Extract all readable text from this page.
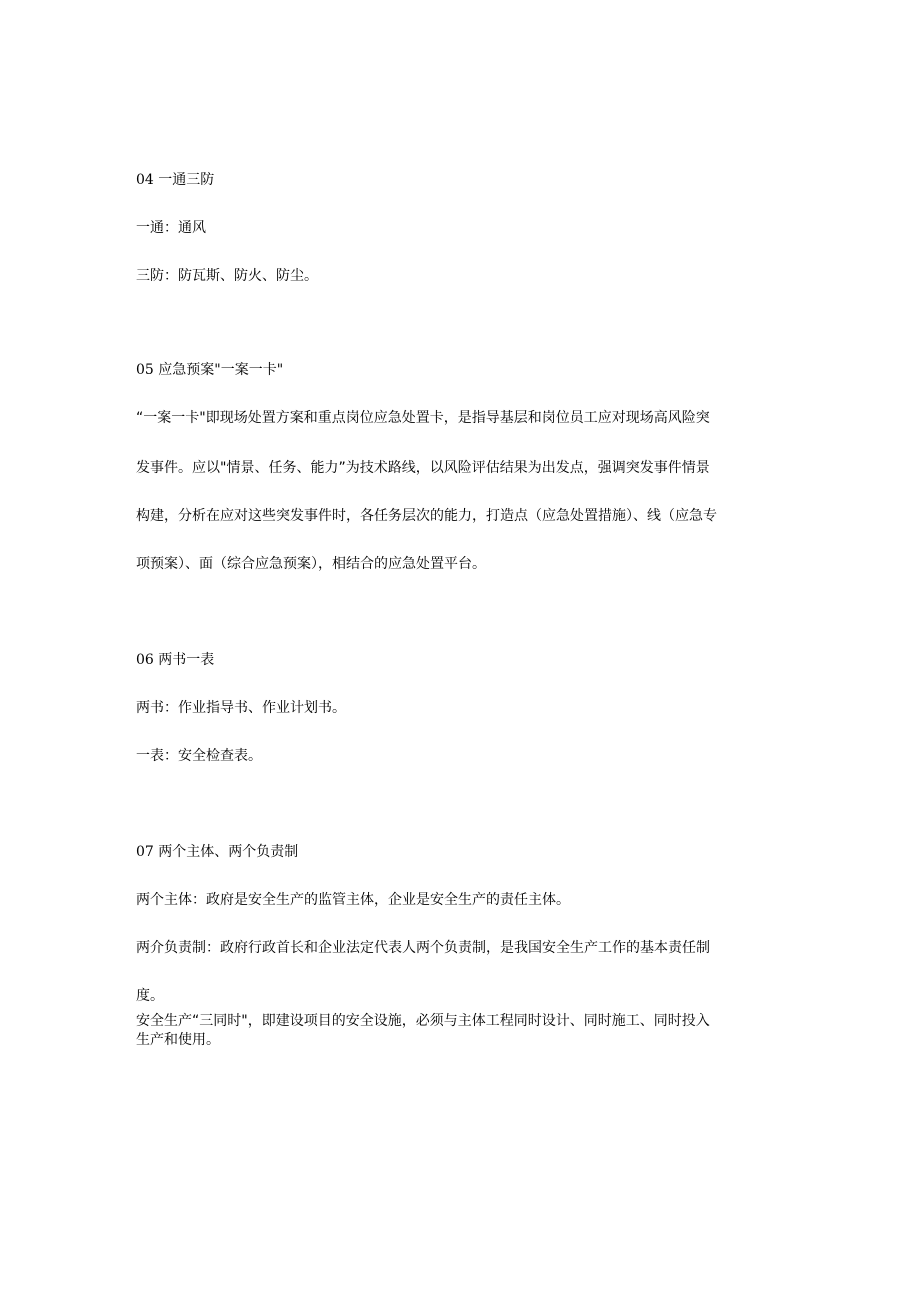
04 一通三防
一通：通风
三防：防瓦斯、防火、防尘。
05 应急预案"一案一卡"
“一案一卡"即现场处置方案和重点岗位应急处置卡，是指导基层和岗位员工应对现场高风险突
发事件。应以"情景、任务、能力”为技术路线，以风险评估结果为出发点，强调突发事件情景
构建，分析在应对这些突发事件时，各任务层次的能力，打造点（应急处置措施）、线（应急专
项预案）、面（综合应急预案），相结合的应急处置平台。
06 两书一表
两书：作业指导书、作业计划书。
一表：安全检查表。
07 两个主体、两个负责制
两个主体：政府是安全生产的监管主体，企业是安全生产的责任主体。
两介负责制：政府行政首长和企业法定代表人两个负责制，是我国安全生产工作的基本责任制
度。
安全生产“三同时"，即建设项目的安全设施，必须与主体工程同时设计、同时施工、同时投入
生产和使用。
